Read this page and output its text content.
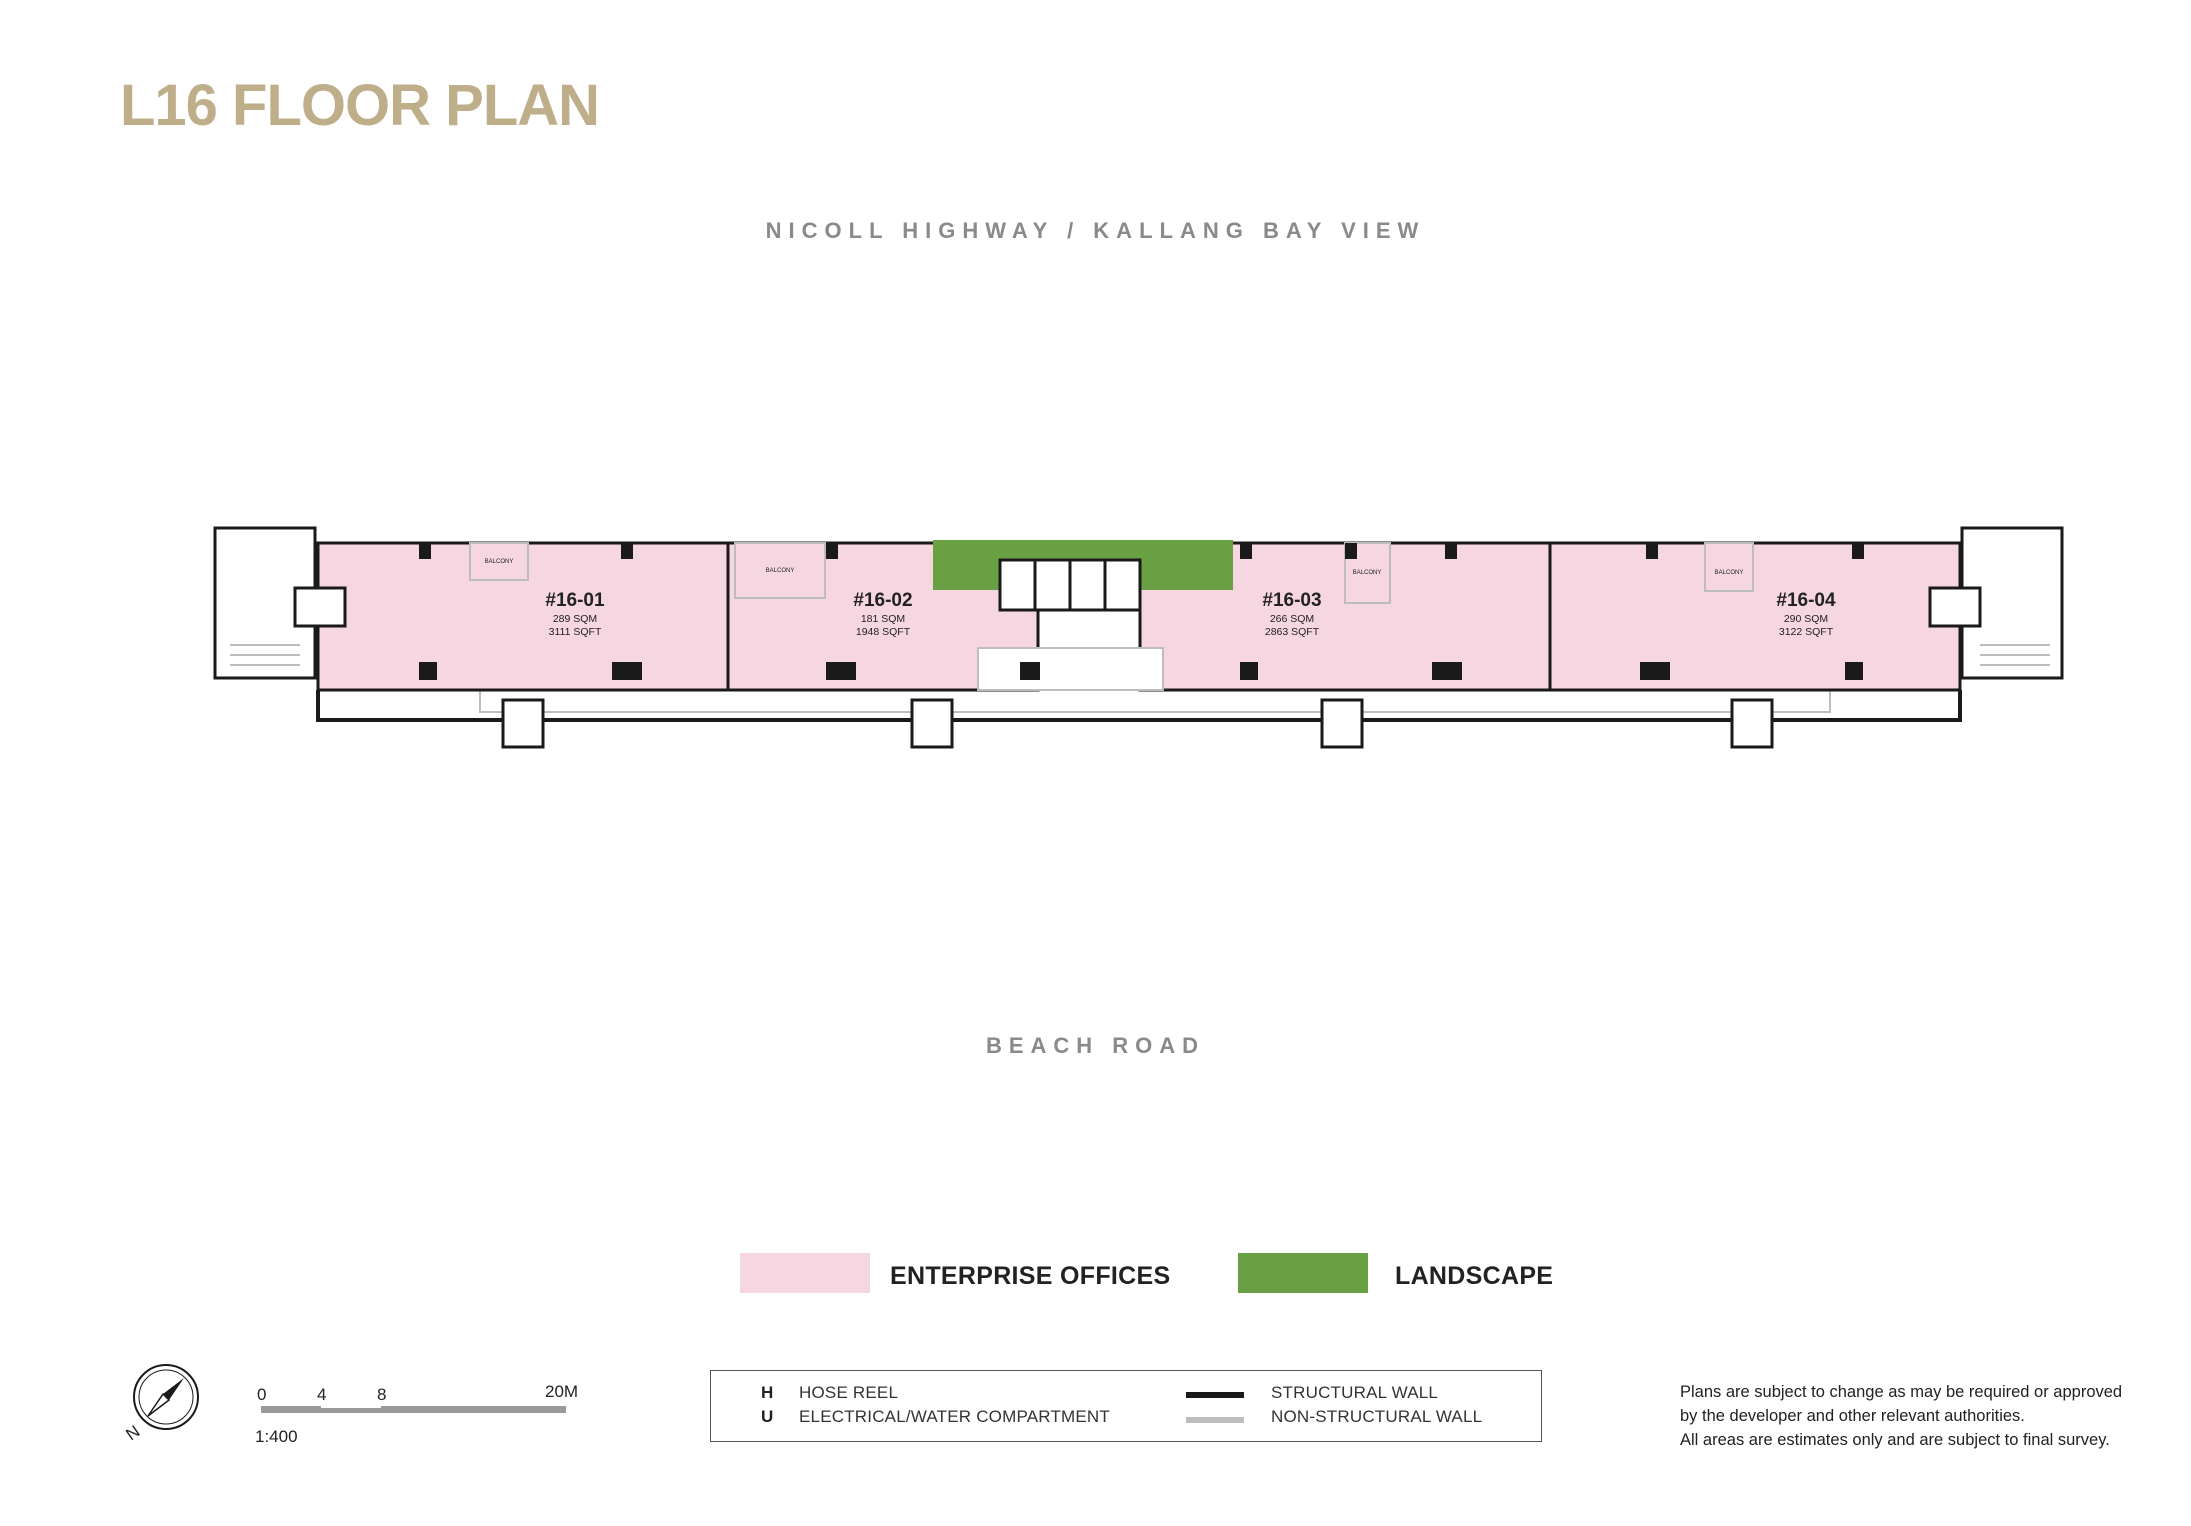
L16 FLOOR PLAN
NICOLL HIGHWAY / KALLANG BAY VIEW
#16-01
289 SQM
3111 SQFT
#16-02
181 SQM
1948 SQFT
#16-03
266 SQM
2863 SQFT
#16-04
290 SQM
3122 SQFT
BALCONY
BALCONY	BALCONY	BALCONY
N
BEACH ROAD
ENTERPRISE OFFICES	LANDSCAPE
0	4	8	20M
1:400
H HOSE REEL
U ELECTRICAL/WATER COMPARTMENT
STRUCTURAL WALL
NON-STRUCTURAL WALL
Plans are subject to change as may be required or approved
by the developer and other relevant authorities.
All areas are estimates only and are subject to final survey.
